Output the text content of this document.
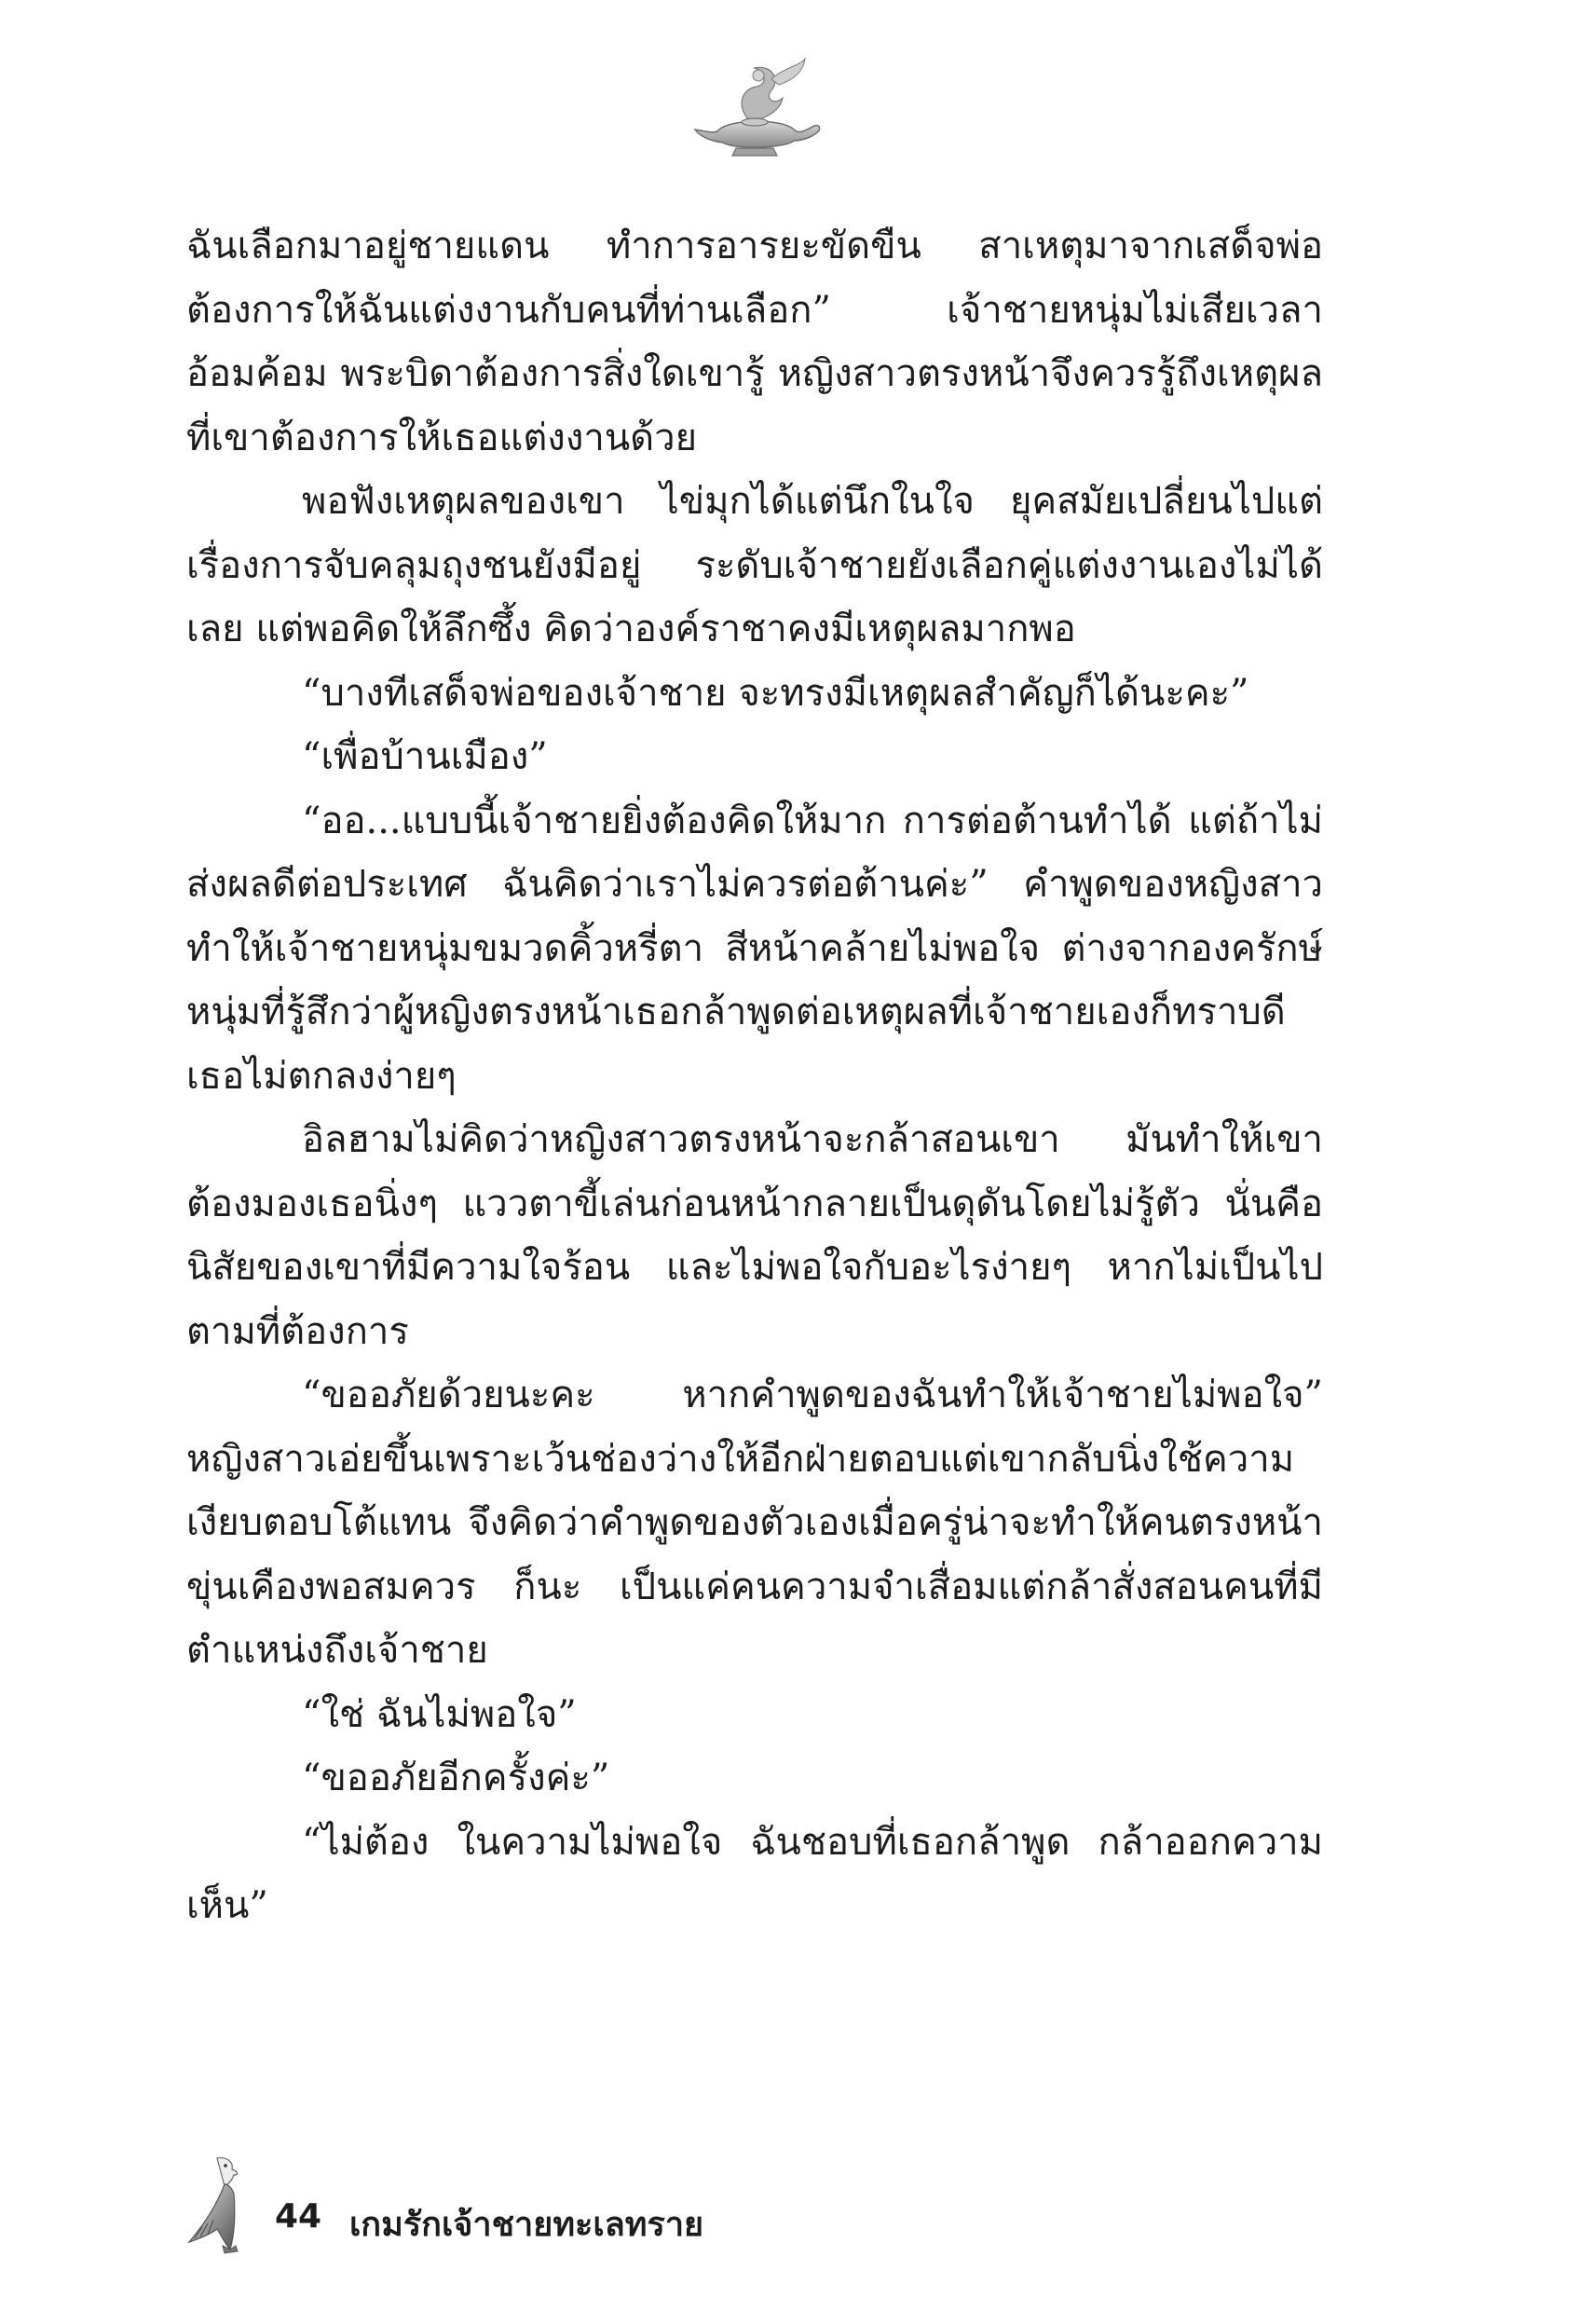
ฉันเลือกมาอยู่ชายแดน ทำการอารยะขัดขืน สาเหตุมาจากเสด็จพ่อต้องการให้ฉันแต่งงานกับคนที่ท่านเลือก” เจ้าชายหนุ่มไม่เสียเวลาอ้อมค้อม พระบิดาต้องการสิ่งใดเขารู้ หญิงสาวตรงหน้าจึงควรรู้ถึงเหตุผลที่เขาต้องการให้เธอแต่งงานด้วย

พอฟังเหตุผลของเขา ไข่มุกได้แต่นึกในใจ ยุคสมัยเปลี่ยนไปแต่เรื่องการจับคลุมถุงชนยังมีอยู่ ระดับเจ้าชายยังเลือกคู่แต่งงานเองไม่ได้เลย แต่พอคิดให้ลึกซึ้ง คิดว่าองค์ราชาคงมีเหตุผลมากพอ

“บางทีเสด็จพ่อของเจ้าชาย จะทรงมีเหตุผลสำคัญก็ได้นะคะ”

“เพื่อบ้านเมือง”

“ออ...แบบนี้เจ้าชายยิ่งต้องคิดให้มาก การต่อต้านทำได้ แต่ถ้าไม่ส่งผลดีต่อประเทศ ฉันคิดว่าเราไม่ควรต่อต้านค่ะ” คำพูดของหญิงสาวทำให้เจ้าชายหนุ่มขมวดคิ้วหรี่ตา สีหน้าคล้ายไม่พอใจ ต่างจากองครักษ์หนุ่มที่รู้สึกว่าผู้หญิงตรงหน้าเธอกล้าพูดต่อเหตุผลที่เจ้าชายเองก็ทราบดี เธอไม่ตกลงง่ายๆ

อิลฮามไม่คิดว่าหญิงสาวตรงหน้าจะกล้าสอนเขา มันทำให้เขาต้องมองเธอนิ่งๆ แววตาขี้เล่นก่อนหน้ากลายเป็นดุดันโดยไม่รู้ตัว นั่นคือนิสัยของเขาที่มีความใจร้อน และไม่พอใจกับอะไรง่ายๆ หากไม่เป็นไปตามที่ต้องการ

“ขออภัยด้วยนะคะ หากคำพูดของฉันทำให้เจ้าชายไม่พอใจ” หญิงสาวเอ่ยขึ้นเพราะเว้นช่องว่างให้อีกฝ่ายตอบแต่เขากลับนิ่งใช้ความเงียบตอบโต้แทน จึงคิดว่าคำพูดของตัวเองเมื่อครู่น่าจะทำให้คนตรงหน้าขุ่นเคืองพอสมควร ก็นะ เป็นแค่คนความจำเสื่อมแต่กล้าสั่งสอนคนที่มีตำแหน่งถึงเจ้าชาย

“ใช่ ฉันไม่พอใจ”

“ขออภัยอีกครั้งค่ะ”

“ไม่ต้อง ในความไม่พอใจ ฉันชอบที่เธอกล้าพูด กล้าออกความเห็น”

44 เกมรักเจ้าชายทะเลทราย
